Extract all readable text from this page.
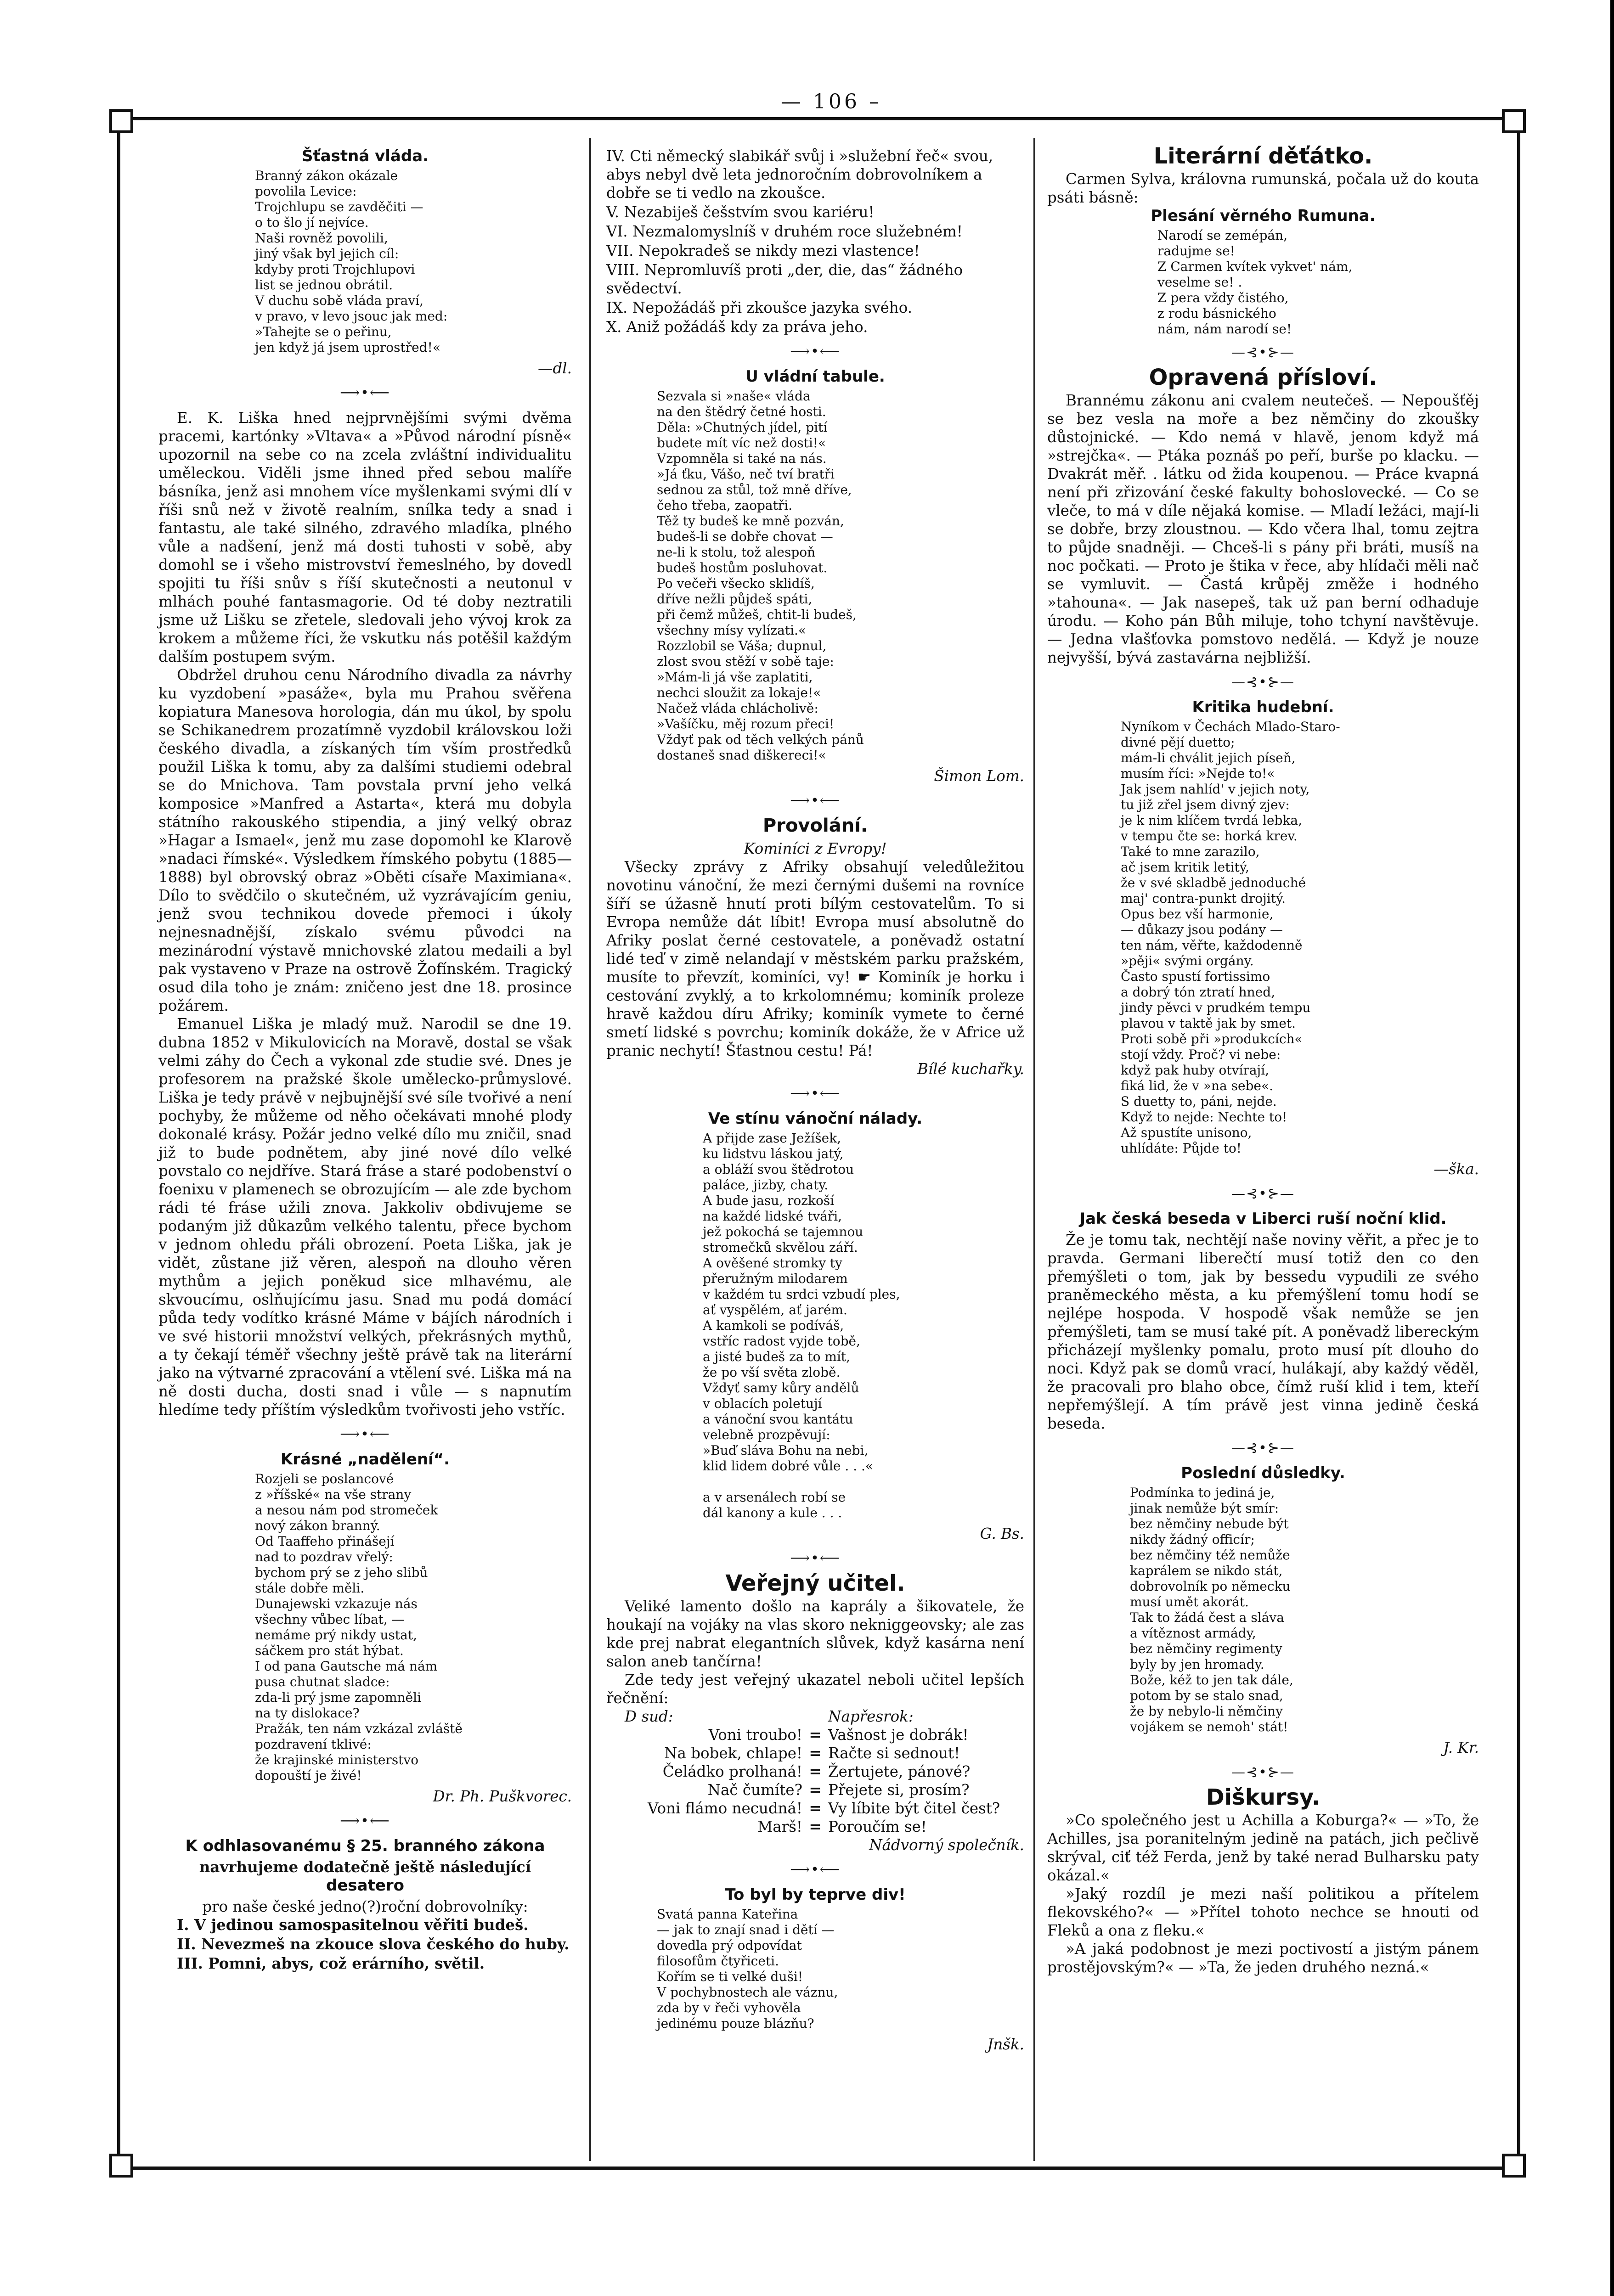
— 106 –
Šťastná vláda.
Branný zákon okázale
povolila Levice:
Trojchlupu se zavděčiti —
o to šlo jí nejvíce.
Naši rovněž povolili,
jiný však byl jejich cíl:
kdyby proti Trojchlupovi
list se jednou obrátil.
V duchu sobě vláda praví,
v pravo, v levo jsouc jak med:
»Tahejte se o peřinu,
jen když já jsem uprostřed!«
—dl.
⟶•⟵

E. K. Liška hned nejprvnějšími svými dvěma pracemi, kartónky »Vltava« a »Původ národní písně« upozornil na sebe co na zcela zvláštní individualitu uměleckou. Viděli jsme ihned před sebou malíře básníka, jenž asi mnohem více myšlenkami svými dlí v říši snů než v životě realním, snílka tedy a snad i fantastu, ale také silného, zdravého mladíka, plného vůle a nadšení, jenž má dosti tuhosti v sobě, aby domohl se i všeho mistrovství řemeslného, by dovedl spojiti tu říši snův s říší skutečnosti a neutonul v mlhách pouhé fantasmagorie. Od té doby neztratili jsme už Lišku se zřetele, sledovali jeho vývoj krok za krokem a můžeme říci, že vskutku nás potěšil každým dalším postupem svým.

Obdržel druhou cenu Národního divadla za návrhy ku vyzdobení »pasáže«, byla mu Prahou svěřena kopiatura Manesova horologia, dán mu úkol, by spolu se Schikanedrem prozatímně vyzdobil královskou loži českého divadla, a získaných tím vším prostředků použil Liška k tomu, aby za dalšími studiemi odebral se do Mnichova. Tam povstala první jeho velká komposice »Manfred a Astarta«, která mu dobyla státního rakouského stipendia, a jiný velký obraz »Hagar a Ismael«, jenž mu zase dopomohl ke Klarově »nadaci římské«. Výsledkem římského pobytu (1885—1888) byl obrovský obraz »Oběti císaře Maximiana«. Dílo to svědčilo o skutečném, už vyzrávajícím geniu, jenž svou technikou dovede přemoci i úkoly nejnesnadnější, získalo svému původci na mezinárodní výstavě mnichovské zlatou medaili a byl pak vystaveno v Praze na ostrově Žofínském. Tragický osud dila toho je znám: zničeno jest dne 18. prosince požárem.

Emanuel Liška je mladý muž. Narodil se dne 19. dubna 1852 v Mikulovicích na Moravě, dostal se však velmi záhy do Čech a vykonal zde studie své. Dnes je profesorem na pražské škole umělecko-průmyslové. Liška je tedy právě v nejbujnější své síle tvořivé a není pochyby, že můžeme od něho očekávati mnohé plody dokonalé krásy. Požár jedno velké dílo mu zničil, snad již to bude podnětem, aby jiné nové dílo velké povstalo co nejdříve. Stará fráse a staré podobenství o foenixu v plamenech se obrozujícím — ale zde bychom rádi té fráse užili znova. Jakkoliv obdivujeme se podaným již důkazům velkého talentu, přece bychom v jednom ohledu přáli obrození. Poeta Liška, jak je vidět, zůstane již věren, alespoň na dlouho věren mythům a jejich poněkud sice mlhavému, ale skvoucímu, oslňujícímu jasu. Snad mu podá domácí půda tedy vodítko krásné Máme v bájích národních i ve své historii množství velkých, překrásných mythů, a ty čekají téměř všechny ještě právě tak na literární jako na výtvarné zpracování a vtělení své. Liška má na ně dosti ducha, dosti snad i vůle — s napnutím hledíme tedy příštím výsledkům tvořivosti jeho vstříc.

⟶•⟵
Krásné „nadělení“.
Rozjeli se poslancové
z »říšské« na vše strany
a nesou nám pod stromeček
nový zákon branný.
Od Taaffeho přinášejí
nad to pozdrav vřelý:
bychom prý se z jeho slibů
stále dobře měli.
Dunajewski vzkazuje nás
všechny vůbec líbat, —
nemáme prý nikdy ustat,
sáčkem pro stát hýbat.
I od pana Gautsche má nám
pusa chutnat sladce:
zda-li prý jsme zapomněli
na ty dislokace?
Pražák, ten nám vzkázal zvláště
pozdravení tklivé:
že krajinské ministerstvo
dopouští je živé!
Dr. Ph. Puškvorec.
⟶•⟵
K odhlasovanému § 25. branného zákona
navrhujeme dodatečně ještě následující
desatero
pro naše české jedno(?)roční dobrovolníky:
I. V jedinou samospasitelnou věřiti budeš.
II. Nevezmeš na zkouce slova českého do huby.
III. Pomni, abys, což erárního, světil.
IV. Cti německý slabikář svůj i »služební řeč« svou, abys nebyl dvě leta jednoročním dobrovolníkem a dobře se ti vedlo na zkoušce.
V. Nezabiješ češstvím svou kariéru!
VI. Nezmalomyslníš v druhém roce služebném!
VII. Nepokradeš se nikdy mezi vlastence!
VIII. Nepromluvíš proti „der, die, das“ žádného svědectví.
IX. Nepožádáš při zkoušce jazyka svého.
X. Aniž požádáš kdy za práva jeho.
⟶•⟵
U vládní tabule.
Sezvala si »naše« vláda
na den štědrý četné hosti.
Děla: »Chutných jídel, pití
budete mít víc než dosti!«
Vzpomněla si také na nás.
»Já ťku, Vášo, neč tví bratři
sednou za stůl, tož mně dříve,
čeho třeba, zaopatři.
Těž ty budeš ke mně pozván,
budeš-li se dobře chovat —
ne-li k stolu, tož alespoň
budeš hostům posluhovat.
Po večeři všecko sklidíš,
dříve nežli půjdeš spáti,
při čemž můžeš, chtit-li budeš,
všechny mísy vylízati.«
Rozzlobil se Váša; dupnul,
zlost svou stěží v sobě taje:
»Mám-li já vše zaplatiti,
nechci sloužit za lokaje!«
Načež vláda chlácholivě:
»Vašíčku, měj rozum přeci!
Vždyť pak od těch velkých pánů
dostaneš snad diškereci!«
Šimon Lom.
⟶•⟵
Provolání.
Kominíci z Evropy!

Všecky zprávy z Afriky obsahují veledůležitou novotinu vánoční, že mezi černými dušemi na rovníce šíří se úžasně hnutí proti bílým cestovatelům. To si Evropa nemůže dát líbit! Evropa musí absolutně do Afriky poslat černé cestovatele, a poněvadž ostatní lidé teď v zimě nelandají v městském parku pražském, musíte to převzít, kominíci, vy! ☛ Kominík je horku i cestování zvyklý, a to krkolomnému; kominík proleze hravě každou díru Afriky; kominík vymete to černé smetí lidské s povrchu; kominík dokáže, že v Africe už pranic nechytí! Šťastnou cestu! Pá!

Bílé kuchařky.
⟶•⟵
Ve stínu vánoční nálady.
A přijde zase Ježíšek,
ku lidstvu láskou jatý,
a obláží svou štědrotou
paláce, jizby, chaty.
A bude jasu, rozkoší
na každé lidské tváři,
jež pokochá se tajemnou
stromečků skvělou září.
A ověšené stromky ty
přeružným milodarem
v každém tu srdci vzbudí ples,
ať vyspělém, ať jarém.
A kamkoli se podíváš,
vstříc radost vyjde tobě,
a jisté budeš za to mít,
že po vší světa zlobě.
Vždyť samy kůry andělů
v oblacích poletují
a vánoční svou kantátu
velebně prozpěvují:
»Buď sláva Bohu na nebi,
klid lidem dobré vůle . . .«

a v arsenálech robí se
dál kanony a kule . . .
G. Bs.
⟶•⟵
Veřejný učitel.

Veliké lamento došlo na kaprály a šikovatele, že houkají na vojáky na vlas skoro nekniggeovsky; ale zas kde prej nabrat elegantních slůvek, když kasárna není salon aneb tančírna!

Zde tedy jest veřejný ukazatel neboli učitel lepších řečnění:

D sud:	Napřesrok:
Voni troubo! = Vašnost je dobrák!
Na bobek, chlape! = Račte si sednout!
Čeládko prolhaná! = Žertujete, pánové?
Nač čumíte? = Přejete si, prosím?
Voni flámo necudná! = Vy líbite být čitel čest?
Marš! = Poroučím se!
Nádvorný společník.
⟶•⟵
To byl by teprve div!
Svatá panna Kateřina
— jak to znají snad i dětí —
dovedla prý odpovídat
filosofům čtyřiceti.
Kořím se ti velké duši!
V pochybnostech ale váznu,
zda by v řeči vyhověla
jedinému pouze blázňu?
Jnšk.
Literární děťátko.

Carmen Sylva, královna rumunská, počala už do kouta psáti básně:

Plesání věrného Rumuna.
Narodí se zemépán,
radujme se!
Z Carmen kvítek vykvet' nám,
veselme se! .
Z pera vždy čistého,
z rodu básnického
nám, nám narodí se!
—⊰•⊱—
Opravená přísloví.

Brannému zákonu ani cvalem neutečeš. — Nepoušťěj se bez vesla na moře a bez němčiny do zkoušky důstojnické. — Kdo nemá v hlavě, jenom když má »strejčka«. — Ptáka poznáš po peří, burše po klacku. — Dvakrát měř. . látku od žida koupenou. — Práce kvapná není při zřizování české fakulty bohoslovecké. — Co se vleče, to má v díle nějaká komise. — Mladí ležáci, mají-li se dobře, brzy zloustnou. — Kdo včera lhal, tomu zejtra to půjde snadněji. — Chceš-li s pány při bráti, musíš na noc počkati. — Proto je štika v řece, aby hlídači měli nač se vymluvit. — Častá krůpěj změže i hodného »tahouna«. — Jak nasepeš, tak už pan berní odhaduje úrodu. — Koho pán Bůh miluje, toho tchyní navštěvuje. — Jedna vlašťovka pomstovo nedělá. — Když je nouze nejvyšší, bývá zastavárna nejbližší.

—⊰•⊱—
Kritika hudební.
Nyníkom v Čechách Mlado-Staro-
divné pějí duetto;
mám-li chválit jejich píseň,
musím říci: »Nejde to!«
Jak jsem nahlíd' v jejich noty,
tu již zřel jsem divný zjev:
je k nim klíčem tvrdá lebka,
v tempu čte se: horká krev.
Také to mne zarazilo,
ač jsem kritik letitý,
že v své skladbě jednoduché
maj' contra-punkt drojitý.
Opus bez vší harmonie,
— důkazy jsou podány —
ten nám, věřte, každodenně
»pěji« svými orgány.
Často spustí fortissimo
a dobrý tón ztratí hned,
jindy pěvci v prudkém tempu
plavou v taktě jak by smet.
Proti sobě při »produkcích«
stojí vždy. Proč? vi nebe:
když pak huby otvírají,
fiká lid, že v »na sebe«.
S duetty to, páni, nejde.
Když to nejde: Nechte to!
Až spustíte unisono,
uhlídáte: Půjde to!
—ška.
—⊰•⊱—
Jak česká beseda v Liberci ruší noční klid.

Že je tomu tak, nechtějí naše noviny věřit, a přec je to pravda. Germani liberečtí musí totiž den co den přemýšleti o tom, jak by bessedu vypudili ze svého praněmeckého města, a ku přemýšlení tomu hodí se nejlépe hospoda. V hospodě však nemůže se jen přemýšleti, tam se musí také pít. A poněvadž libereckým přicházejí myšlenky pomalu, proto musí pít dlouho do noci. Když pak se domů vrací, hulákají, aby každý věděl, že pracovali pro blaho obce, čímž ruší klid i tem, kteří nepřemýšlejí. A tím právě jest vinna jedině česká beseda.

—⊰•⊱—
Poslední důsledky.
Podmínka to jediná je,
jinak nemůže být smír:
bez němčiny nebude být
nikdy žádný officír;
bez němčiny též nemůže
kaprálem se nikdo stát,
dobrovolník po německu
musí umět akorát.
Tak to žádá čest a sláva
a vítěznost armády,
bez němčiny regimenty
byly by jen hromady.
Bože, kéž to jen tak dále,
potom by se stalo snad,
že by nebylo-li němčiny
vojákem se nemoh' stát!
J. Kr.
—⊰•⊱—
Diškursy.

»Co společného jest u Achilla a Koburga?« — »To, že Achilles, jsa poranitelným jedině na patách, jich pečlivě skrýval, ciť též Ferda, jenž by také nerad Bulharsku paty okázal.«

»Jaký rozdíl je mezi naší politikou a přítelem flekovského?« — »Přítel tohoto nechce se hnouti od Fleků a ona z fleku.«

»A jaká podobnost je mezi poctivostí a jistým pánem prostějovským?« — »Ta, že jeden druhého nezná.«
